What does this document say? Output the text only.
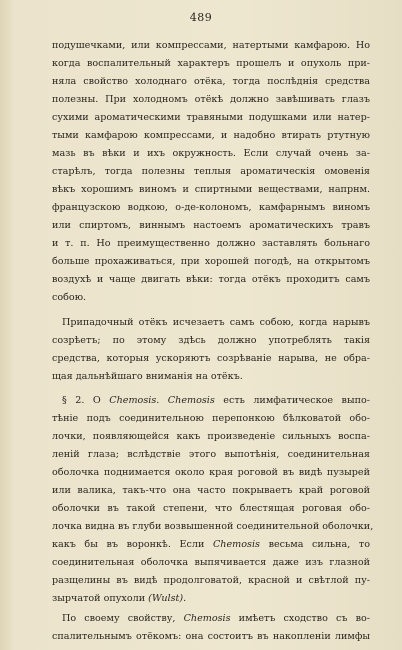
489
подушечками, или компрессами, натертыми камфарою. Но
когда воспалительный характеръ прошелъ и опухоль при-
няла свойство холоднаго отёка, тогда послѣднія средства
полезны. При холодномъ отёкѣ должно завѣшивать глазъ
сухими ароматическими травяными подушками или натер-
тыми камфарою компрессами, и надобно втирать ртутную
мазь въ вѣки и ихъ окружность. Если случай очень за-
старѣлъ, тогда полезны теплыя ароматическія омовенія
вѣкъ хорошимъ виномъ и спиртными веществами, напрнм.
французскою водкою, о-де-колономъ, камфарнымъ виномъ
или спиртомъ, виннымъ настоемъ ароматическихъ травъ
и т. п. Но преимущественно должно заставлять больнаго
больше прохаживаться, при хорошей погодѣ, на открытомъ
воздухѣ и чаще двигать вѣки: тогда отёкъ проходитъ самъ
собою.
Припадочный отёкъ исчезаетъ самъ собою, когда нарывъ
созрѣетъ; по этому здѣсь должно употреблять такія
средства, которыя ускоряютъ созрѣваніе нарыва, не обра-
щая дальнѣйшаго вниманія на отёкъ.
§ 2. О Chemosis. Chemosis есть лимфатическое выпо-
тѣніе подъ соединительною перепонкою бѣлковатой обо-
лочки, появляющейся какъ произведеніе сильныхъ воспа-
леній глаза; вслѣдствіе этого выпотѣнія, соединительная
оболочка поднимается около края роговой въ видѣ пузырей
или валика, такъ-что она часто покрываетъ край роговой
оболочки въ такой степени, что блестящая роговая обо-
лочка видна въ глуби возвышенной соединительной оболочки,
какъ бы въ воронкѣ. Если Chemosis весьма сильна, то
соединительная оболочка выпячивается даже изъ глазной
разщелины въ видѣ продолговатой, красной и свѣтлой пу-
зырчатой опухоли (Wulst).
По своему свойству, Chemosis имѣетъ сходство съ во-
спалительнымъ отёкомъ: она состоитъ въ накопленіи лимфы
